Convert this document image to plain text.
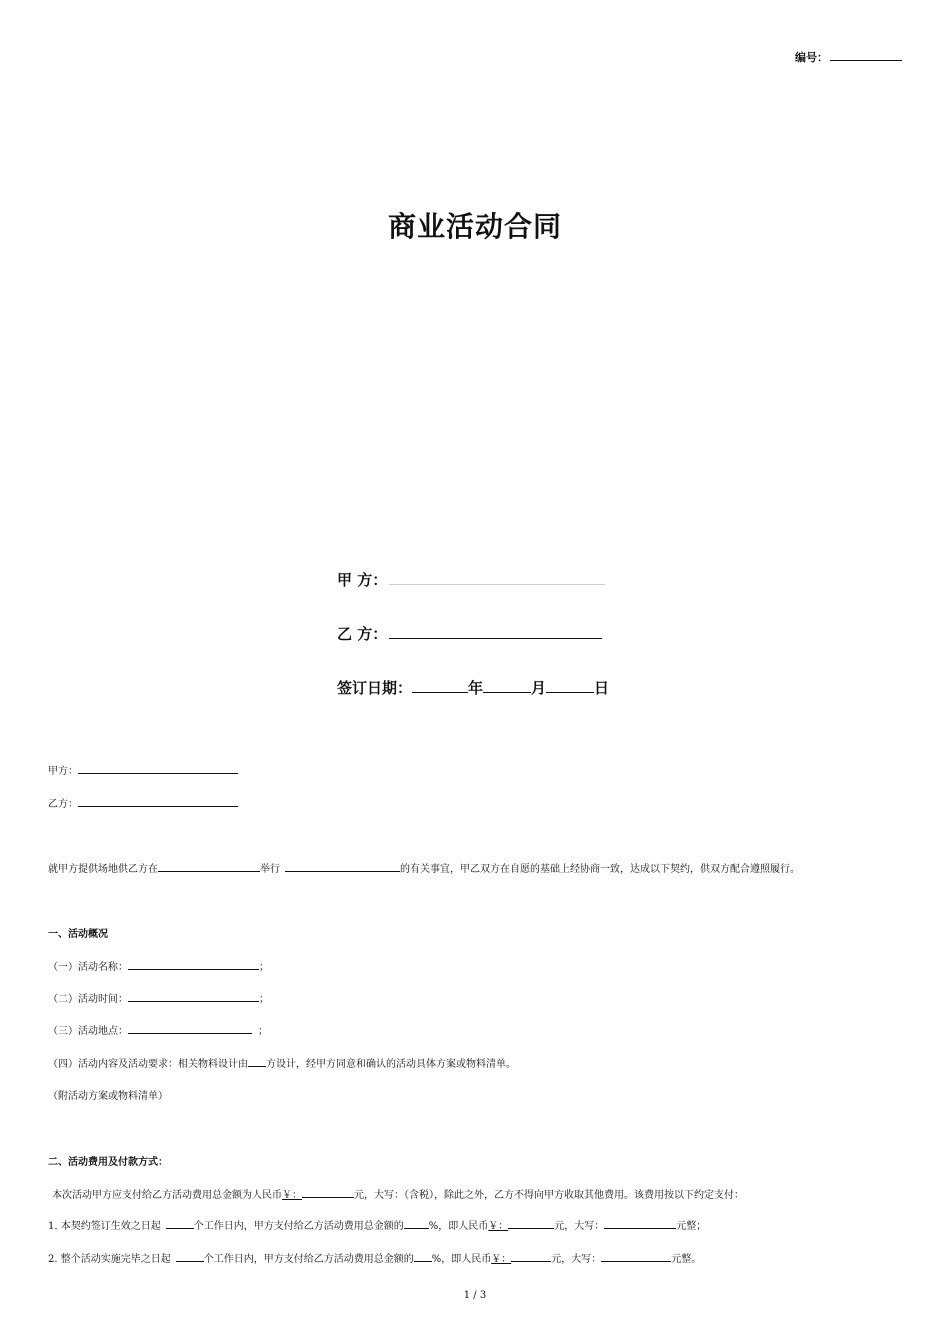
编号：
商业活动合同
甲 方：
乙 方：
签订日期：	年	月	日
甲方：
乙方：
就甲方提供场地供乙方在	举行	的有关事宜，甲乙双方在自愿的基础上经协商一致，达成以下契约，供双方配合遵照履行。
一、活动概况
（一）活动名称：	；
（二）活动时间：	；
（三）活动地点：	；
（四）活动内容及活动要求：相关物料设计由 方设计，经甲方同意和确认的活动具体方案或物料清单。
（附活动方案或物料清单）
二、活动费用及付款方式：
本次活动甲方应支付给乙方活动费用总金额为人民币￥：	元，大写：（含税），除此之外，乙方不得向甲方收取其他费用。该费用按以下约定支付：
1. 本契约签订生效之日起	个工作日内，甲方支付给乙方活动费用总金额的	%，即人民币￥：	元，大写：	元整；
2. 整个活动实施完毕之日起	个工作日内，甲方支付给乙方活动费用总金额的 %，即人民币￥：	元，大写：	元整。
1 / 3
